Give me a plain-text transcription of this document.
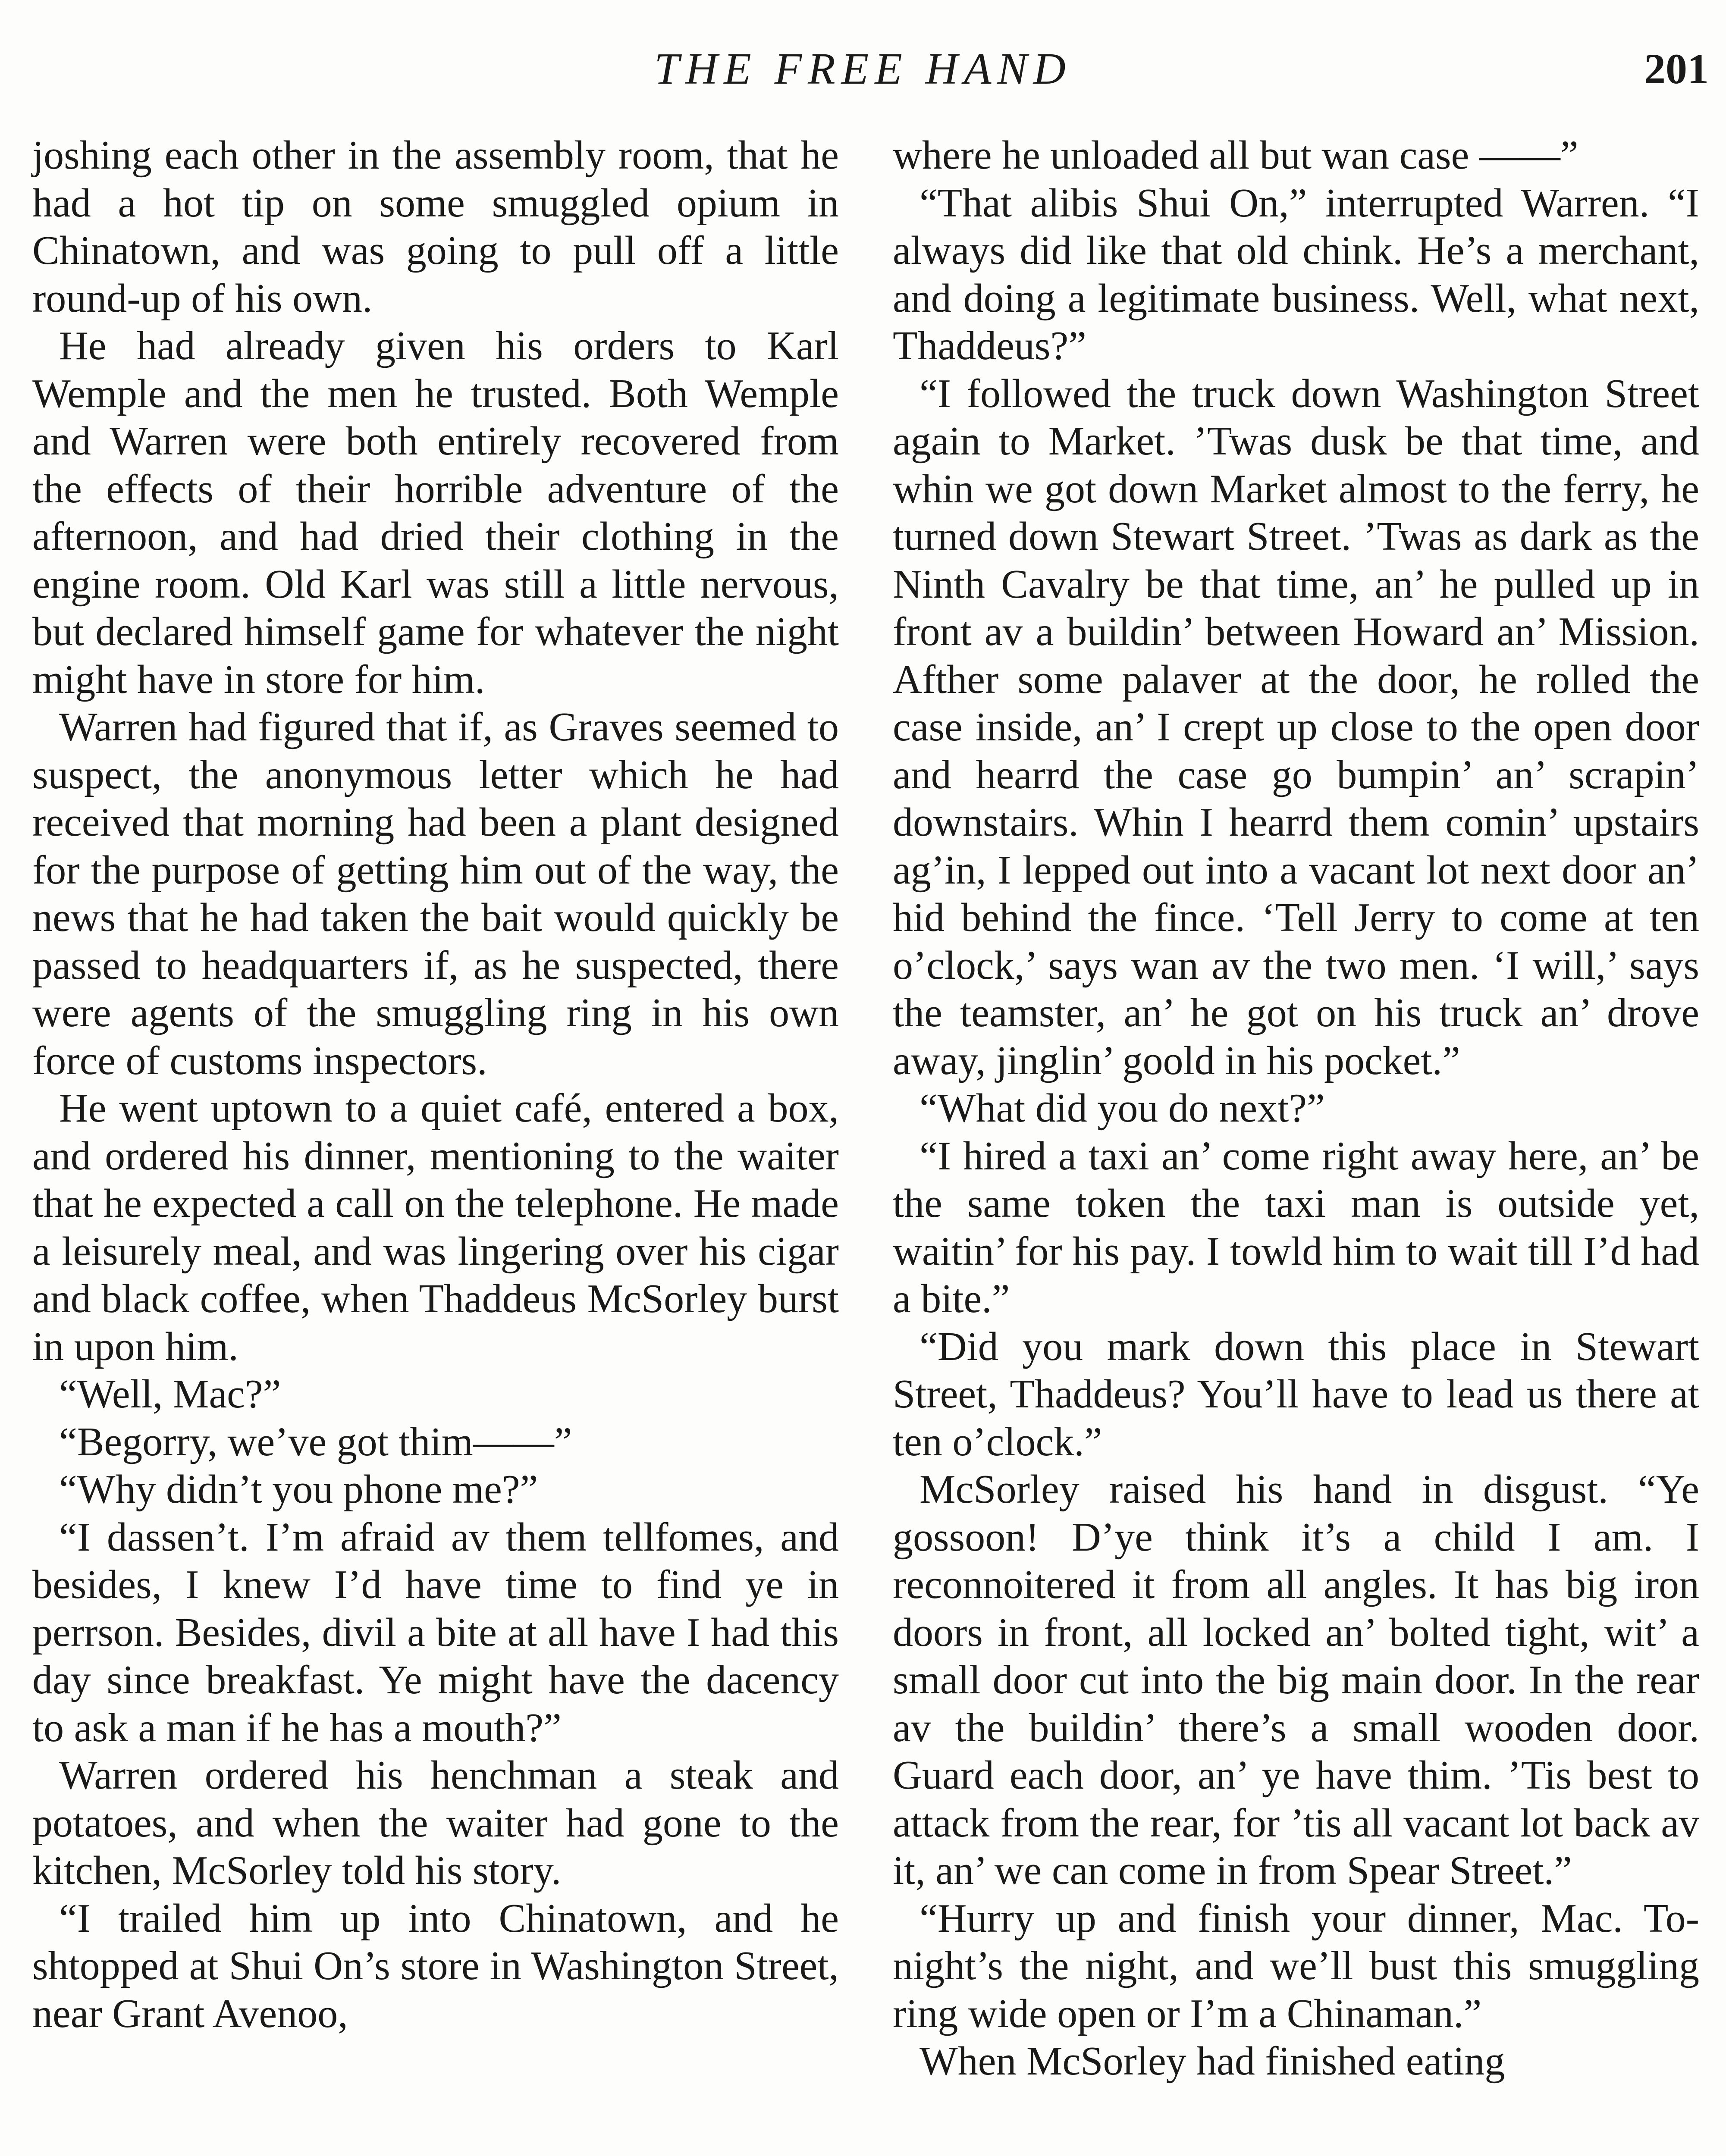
THE FREE HAND	201

joshing each other in the assembly room, that he had a hot tip on some smuggled opium in Chinatown, and was going to pull off a little round-up of his own.

He had already given his orders to Karl Wemple and the men he trusted. Both Wemple and Warren were both entirely recovered from the effects of their horrible adventure of the afternoon, and had dried their clothing in the engine room. Old Karl was still a little nervous, but declared himself game for whatever the night might have in store for him.

Warren had figured that if, as Graves seemed to suspect, the anonymous letter which he had received that morning had been a plant designed for the purpose of getting him out of the way, the news that he had taken the bait would quickly be passed to headquarters if, as he suspected, there were agents of the smuggling ring in his own force of customs inspectors.

He went uptown to a quiet café, entered a box, and ordered his dinner, mentioning to the waiter that he expected a call on the telephone. He made a leisurely meal, and was lingering over his cigar and black coffee, when Thaddeus McSorley burst in upon him.

“Well, Mac?”

“Begorry, we’ve got thim——”

“Why didn’t you phone me?”

“I dassen’t. I’m afraid av them tellfomes, and besides, I knew I’d have time to find ye in perrson. Besides, divil a bite at all have I had this day since breakfast. Ye might have the dacency to ask a man if he has a mouth?”

Warren ordered his henchman a steak and potatoes, and when the waiter had gone to the kitchen, McSorley told his story.

“I trailed him up into Chinatown, and he shtopped at Shui On’s store in Washington Street, near Grant Avenoo,

where he unloaded all but wan case ——”

“That alibis Shui On,” interrupted Warren. “I always did like that old chink. He’s a merchant, and doing a legitimate business. Well, what next, Thaddeus?”

“I followed the truck down Washington Street again to Market. ’Twas dusk be that time, and whin we got down Market almost to the ferry, he turned down Stewart Street. ’Twas as dark as the Ninth Cavalry be that time, an’ he pulled up in front av a buildin’ between Howard an’ Mission. Afther some palaver at the door, he rolled the case inside, an’ I crept up close to the open door and hearrd the case go bumpin’ an’ scrapin’ downstairs. Whin I hearrd them comin’ upstairs ag’in, I lepped out into a vacant lot next door an’ hid behind the fince. ‘Tell Jerry to come at ten o’clock,’ says wan av the two men. ‘I will,’ says the teamster, an’ he got on his truck an’ drove away, jinglin’ goold in his pocket.”

“What did you do next?”

“I hired a taxi an’ come right away here, an’ be the same token the taxi man is outside yet, waitin’ for his pay. I towld him to wait till I’d had a bite.”

“Did you mark down this place in Stewart Street, Thaddeus? You’ll have to lead us there at ten o’clock.”

McSorley raised his hand in disgust. “Ye gossoon! D’ye think it’s a child I am. I reconnoitered it from all angles. It has big iron doors in front, all locked an’ bolted tight, wit’ a small door cut into the big main door. In the rear av the buildin’ there’s a small wooden door. Guard each door, an’ ye have thim. ’Tis best to attack from the rear, for ’tis all vacant lot back av it, an’ we can come in from Spear Street.”

“Hurry up and finish your dinner, Mac. To-night’s the night, and we’ll bust this smuggling ring wide open or I’m a Chinaman.”

When McSorley had finished eating
